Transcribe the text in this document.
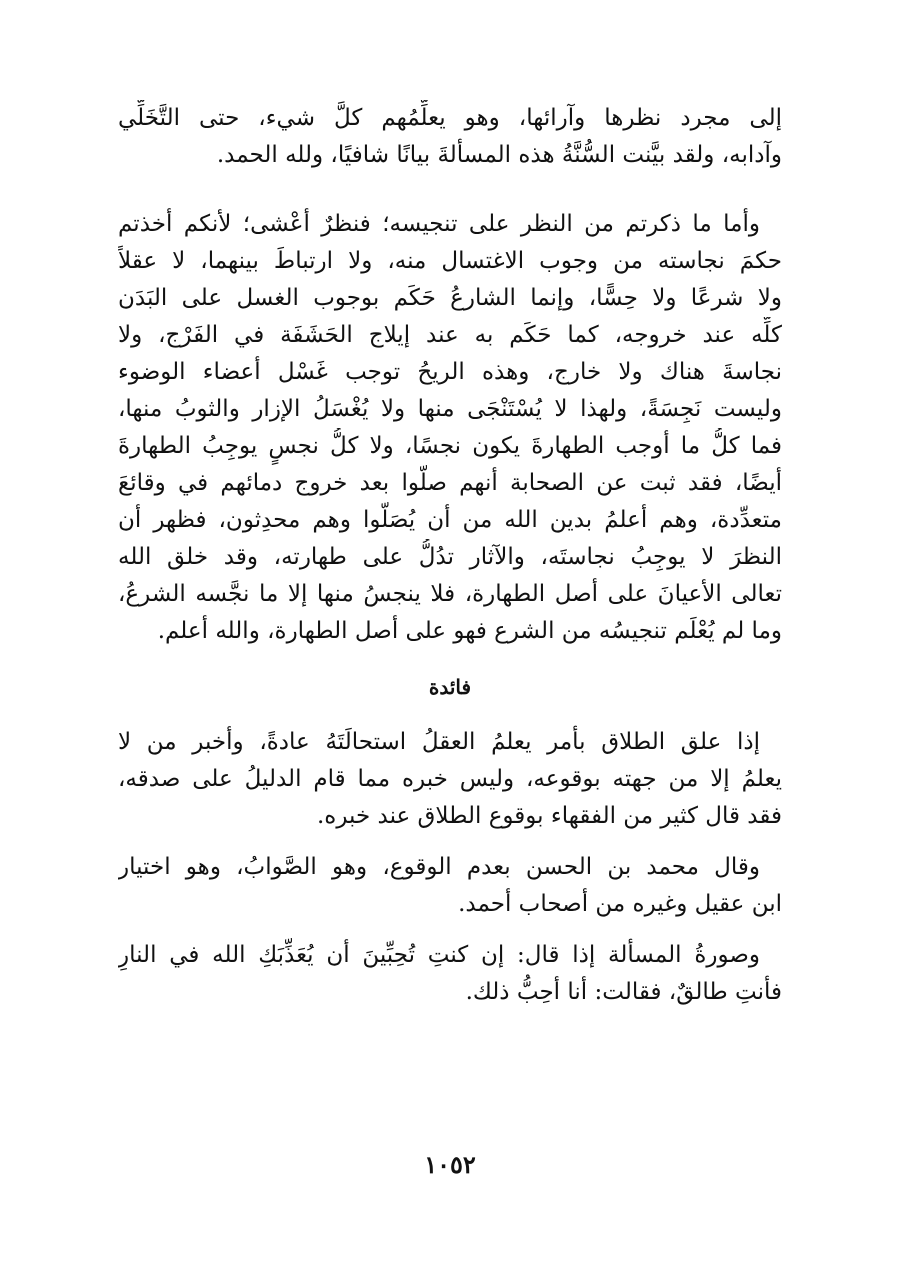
إلى مجرد نظرها وآرائها، وهو يعلِّمُهم كلَّ شيء، حتى التَّخَلِّي
وآدابه، ولقد بيَّنت السُّنَّةُ هذه المسألةَ بيانًا شافيًا، ولله الحمد.
وأما ما ذكرتم من النظر على تنجيسه؛ فنظرٌ أعْشى؛ لأنكم أخذتم
حكمَ نجاسته من وجوب الاغتسال منه، ولا ارتباطَ بينهما، لا عقلاً
ولا شرعًا ولا حِسًّا، وإنما الشارعُ حَكَم بوجوب الغسل على البَدَن
كلِّه عند خروجه، كما حَكَم به عند إيلاج الحَشَفَة في الفَرْج، ولا
نجاسةَ هناك ولا خارج، وهذه الريحُ توجب غَسْل أعضاء الوضوء
وليست نَجِسَةً، ولهذا لا يُسْتَنْجَى منها ولا يُغْسَلُ الإزار والثوبُ منها،
فما كلُّ ما أوجب الطهارةَ يكون نجسًا، ولا كلُّ نجسٍ يوجِبُ الطهارةَ
أيضًا، فقد ثبت عن الصحابة أنهم صلَّوا بعد خروج دمائهم في وقائعَ
متعدِّدة، وهم أعلمُ بدين الله من أن يُصَلُّوا وهم محدِثون، فظهر أن
النظرَ لا يوجِبُ نجاستَه، والآثار تدُلُّ على طهارته، وقد خلق الله
تعالى الأعيانَ على أصل الطهارة، فلا ينجسُ منها إلا ما نجَّسه الشرعُ،
وما لم يُعْلَم تنجيسُه من الشرع فهو على أصل الطهارة، والله أعلم.
فائدة
إذا علق الطلاق بأمر يعلمُ العقلُ استحالَتَهُ عادةً، وأخبر من لا
يعلمُ إلا من جهته بوقوعه، وليس خبره مما قام الدليلُ على صدقه،
فقد قال كثير من الفقهاء بوقوع الطلاق عند خبره.
وقال محمد بن الحسن بعدم الوقوع، وهو الصَّوابُ، وهو اختيار
ابن عقيل وغيره من أصحاب أحمد.
وصورةُ المسألة إذا قال: إن كنتِ تُحِبِّينَ أن يُعَذِّبَكِ الله في النارِ
فأنتِ طالقٌ، فقالت: أنا أحِبُّ ذلك.
١٠٥٢
